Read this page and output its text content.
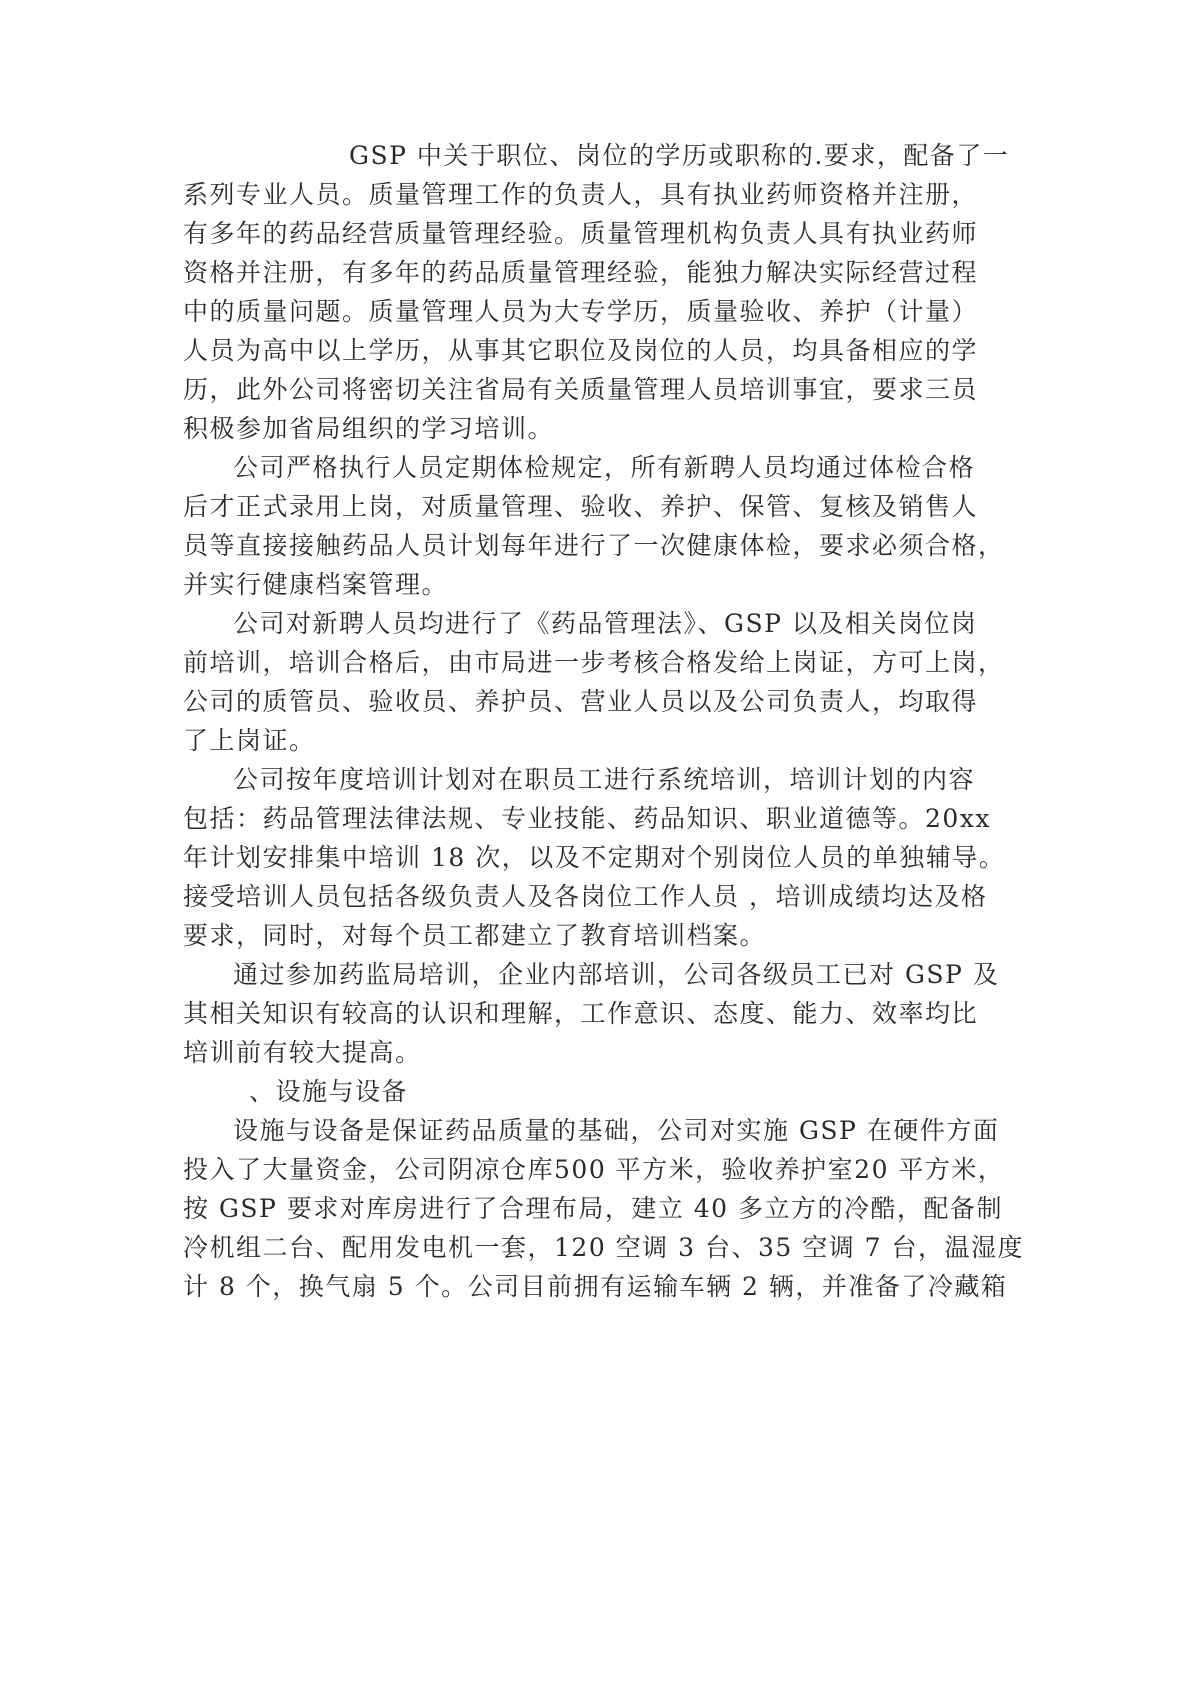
GSP 中关于职位、岗位的学历或职称的.要求，配备了一
系列专业人员。质量管理工作的负责人，具有执业药师资格并注册，
有多年的药品经营质量管理经验。质量管理机构负责人具有执业药师
资格并注册，有多年的药品质量管理经验，能独力解决实际经营过程
中的质量问题。质量管理人员为大专学历，质量验收、养护（计量）
人员为高中以上学历，从事其它职位及岗位的人员，均具备相应的学
历，此外公司将密切关注省局有关质量管理人员培训事宜，要求三员
积极参加省局组织的学习培训。
公司严格执行人员定期体检规定，所有新聘人员均通过体检合格
后才正式录用上岗，对质量管理、验收、养护、保管、复核及销售人
员等直接接触药品人员计划每年进行了一次健康体检，要求必须合格，
并实行健康档案管理。
公司对新聘人员均进行了《药品管理法》、GSP 以及相关岗位岗
前培训，培训合格后，由市局进一步考核合格发给上岗证，方可上岗，
公司的质管员、验收员、养护员、营业人员以及公司负责人，均取得
了上岗证。
公司按年度培训计划对在职员工进行系统培训，培训计划的内容
包括：药品管理法律法规、专业技能、药品知识、职业道德等。20xx
年计划安排集中培训 18 次，以及不定期对个别岗位人员的单独辅导。
接受培训人员包括各级负责人及各岗位工作人员 ，培训成绩均达及格
要求，同时，对每个员工都建立了教育培训档案。
通过参加药监局培训，企业内部培训，公司各级员工已对 GSP 及
其相关知识有较高的认识和理解，工作意识、态度、能力、效率均比
培训前有较大提高。
、设施与设备
设施与设备是保证药品质量的基础，公司对实施 GSP 在硬件方面
投入了大量资金，公司阴凉仓库500 平方米，验收养护室20 平方米，
按 GSP 要求对库房进行了合理布局，建立 40 多立方的冷酷，配备制
冷机组二台、配用发电机一套，120 空调 3 台、35 空调 7 台，温湿度
计 8 个，换气扇 5 个。公司目前拥有运输车辆 2 辆，并准备了冷藏箱
